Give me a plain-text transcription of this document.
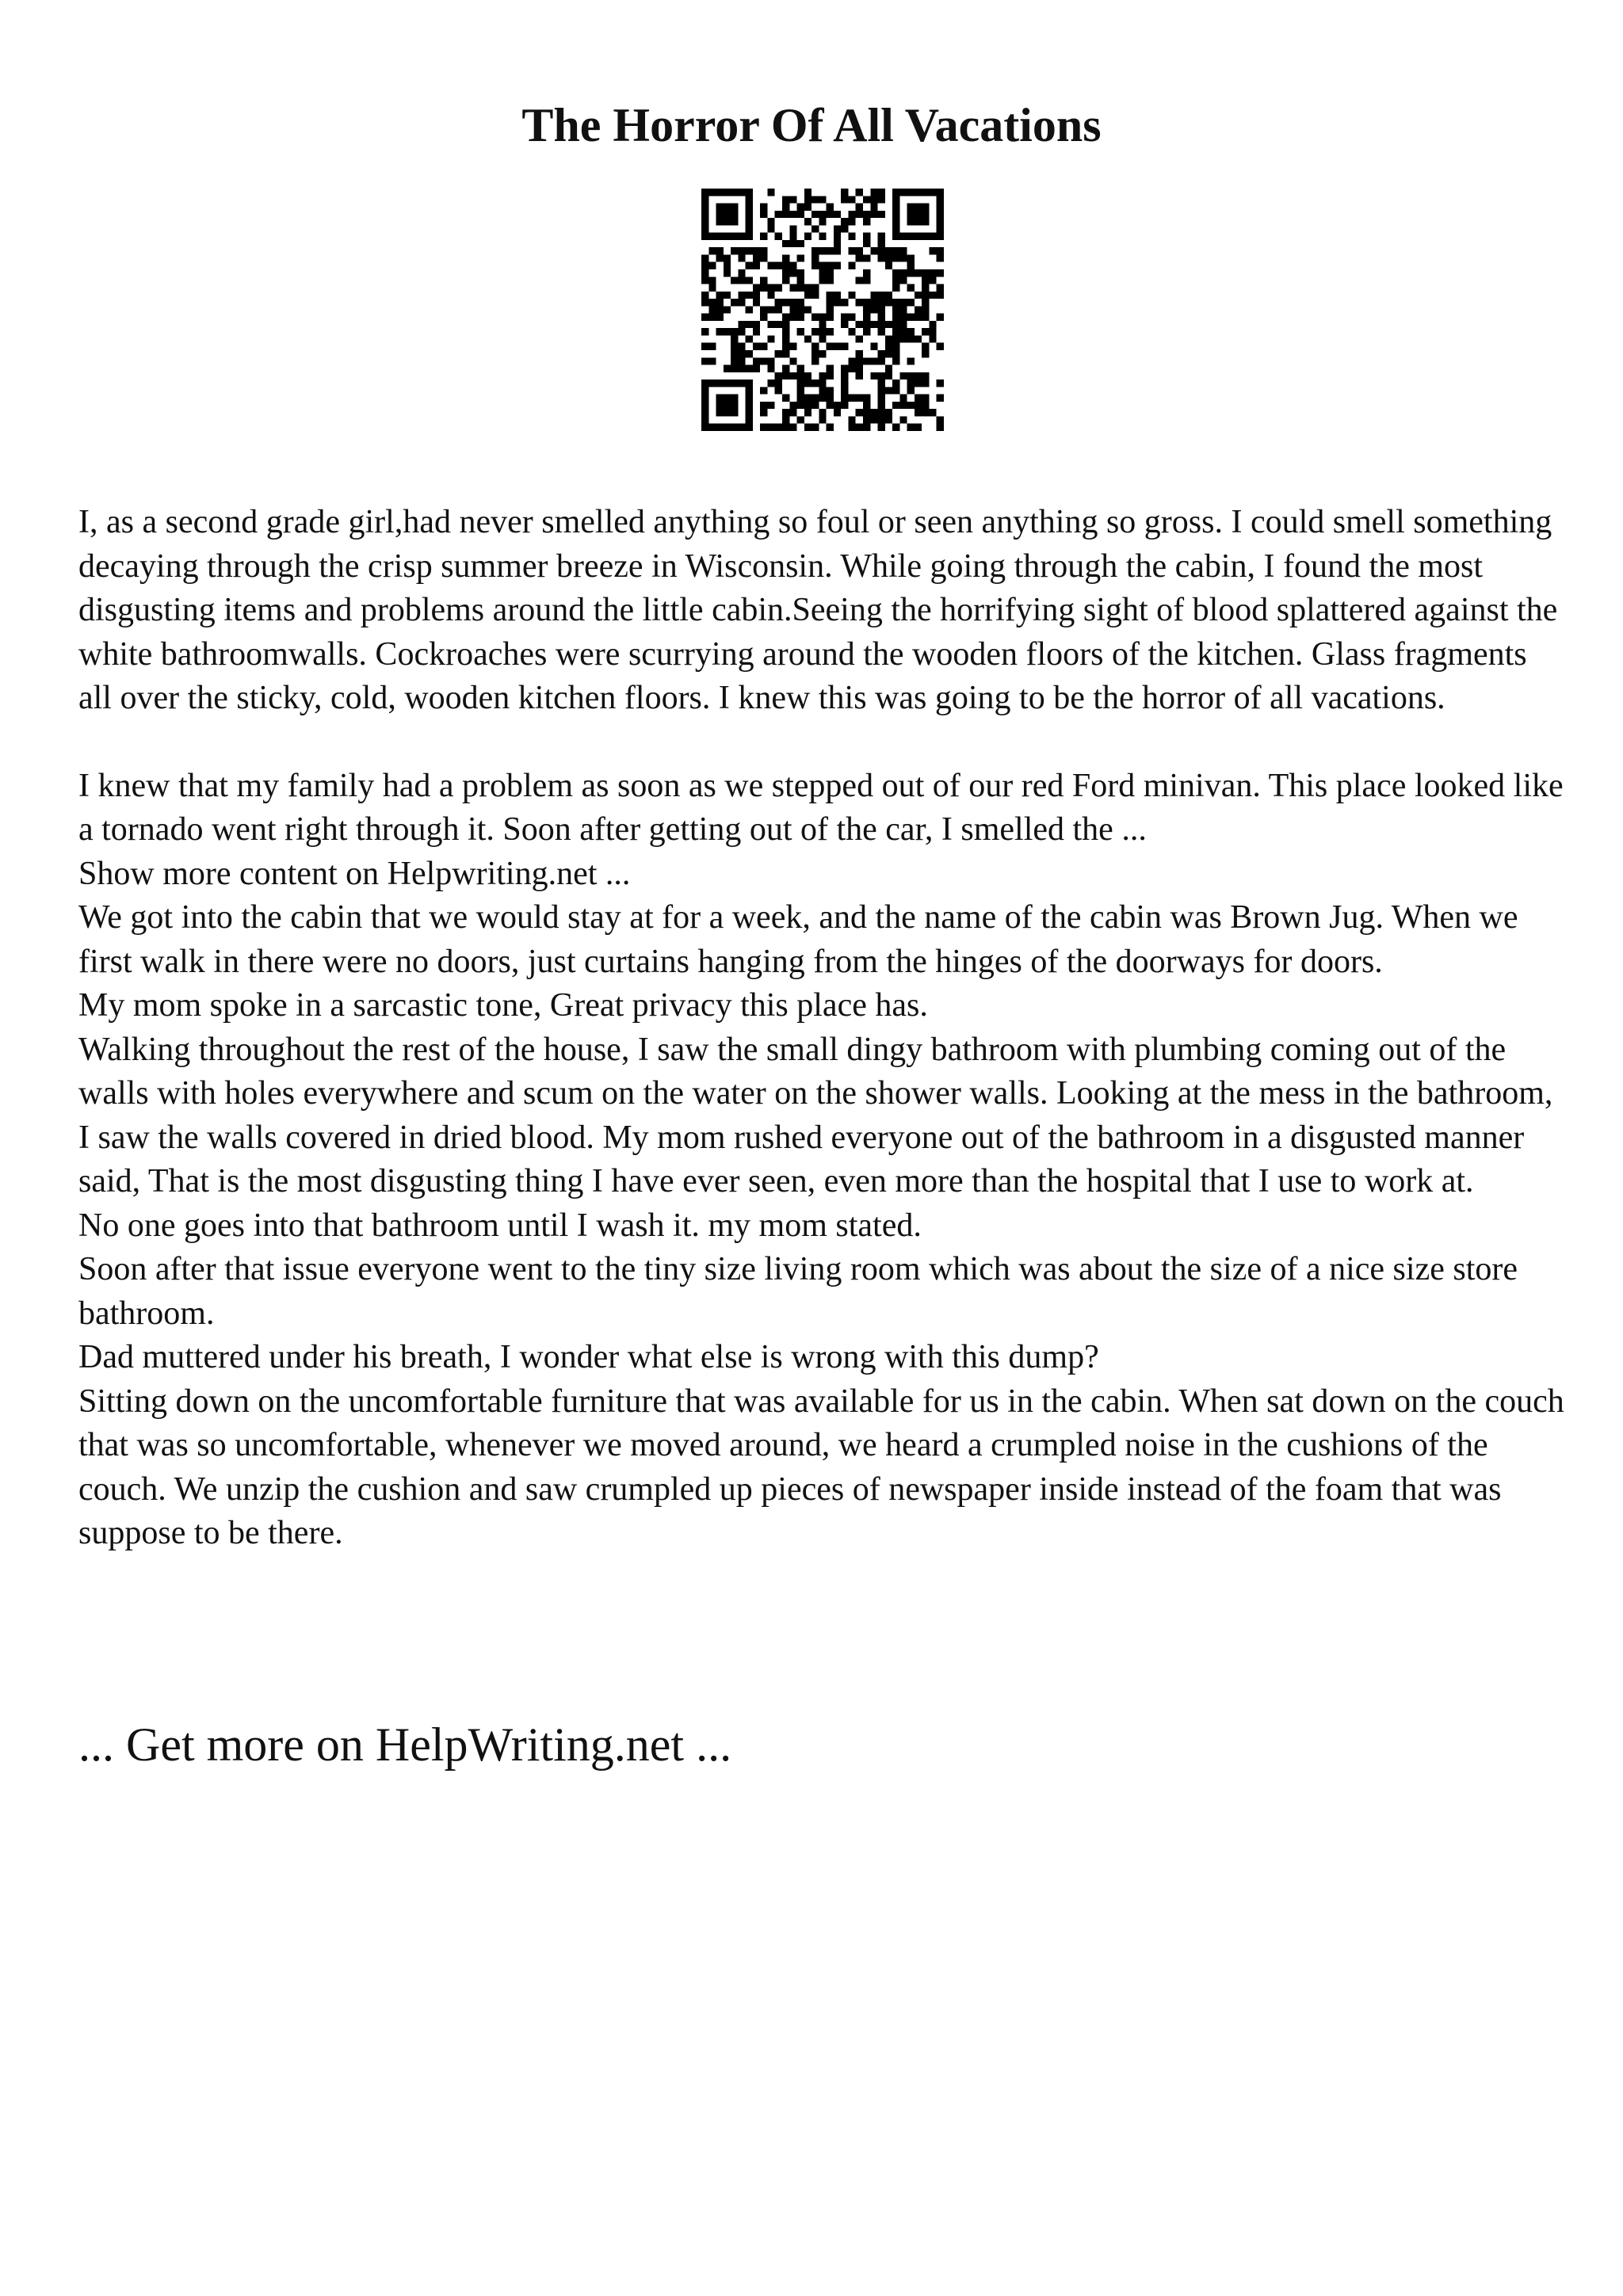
The Horror Of All Vacations

I, as a second grade girl,had never smelled anything so foul or seen anything so gross. I could smell something decaying through the crisp summer breeze in Wisconsin. While going through the cabin, I found the most disgusting items and problems around the little cabin.Seeing the horrifying sight of blood splattered against the white bathroomwalls. Cockroaches were scurrying around the wooden floors of the kitchen. Glass fragments all over the sticky, cold, wooden kitchen floors. I knew this was going to be the horror of all vacations.

I knew that my family had a problem as soon as we stepped out of our red Ford minivan. This place looked like a tornado went right through it. Soon after getting out of the car, I smelled the ...

Show more content on Helpwriting.net ...

We got into the cabin that we would stay at for a week, and the name of the cabin was Brown Jug. When we first walk in there were no doors, just curtains hanging from the hinges of the doorways for doors.

My mom spoke in a sarcastic tone, Great privacy this place has.

Walking throughout the rest of the house, I saw the small dingy bathroom with plumbing coming out of the walls with holes everywhere and scum on the water on the shower walls. Looking at the mess in the bathroom, I saw the walls covered in dried blood. My mom rushed everyone out of the bathroom in a disgusted manner said, That is the most disgusting thing I have ever seen, even more than the hospital that I use to work at.

No one goes into that bathroom until I wash it. my mom stated.

Soon after that issue everyone went to the tiny size living room which was about the size of a nice size store bathroom.

Dad muttered under his breath, I wonder what else is wrong with this dump?

Sitting down on the uncomfortable furniture that was available for us in the cabin. When sat down on the couch that was so uncomfortable, whenever we moved around, we heard a crumpled noise in the cushions of the couch. We unzip the cushion and saw crumpled up pieces of newspaper inside instead of the foam that was suppose to be there.

... Get more on HelpWriting.net ...
